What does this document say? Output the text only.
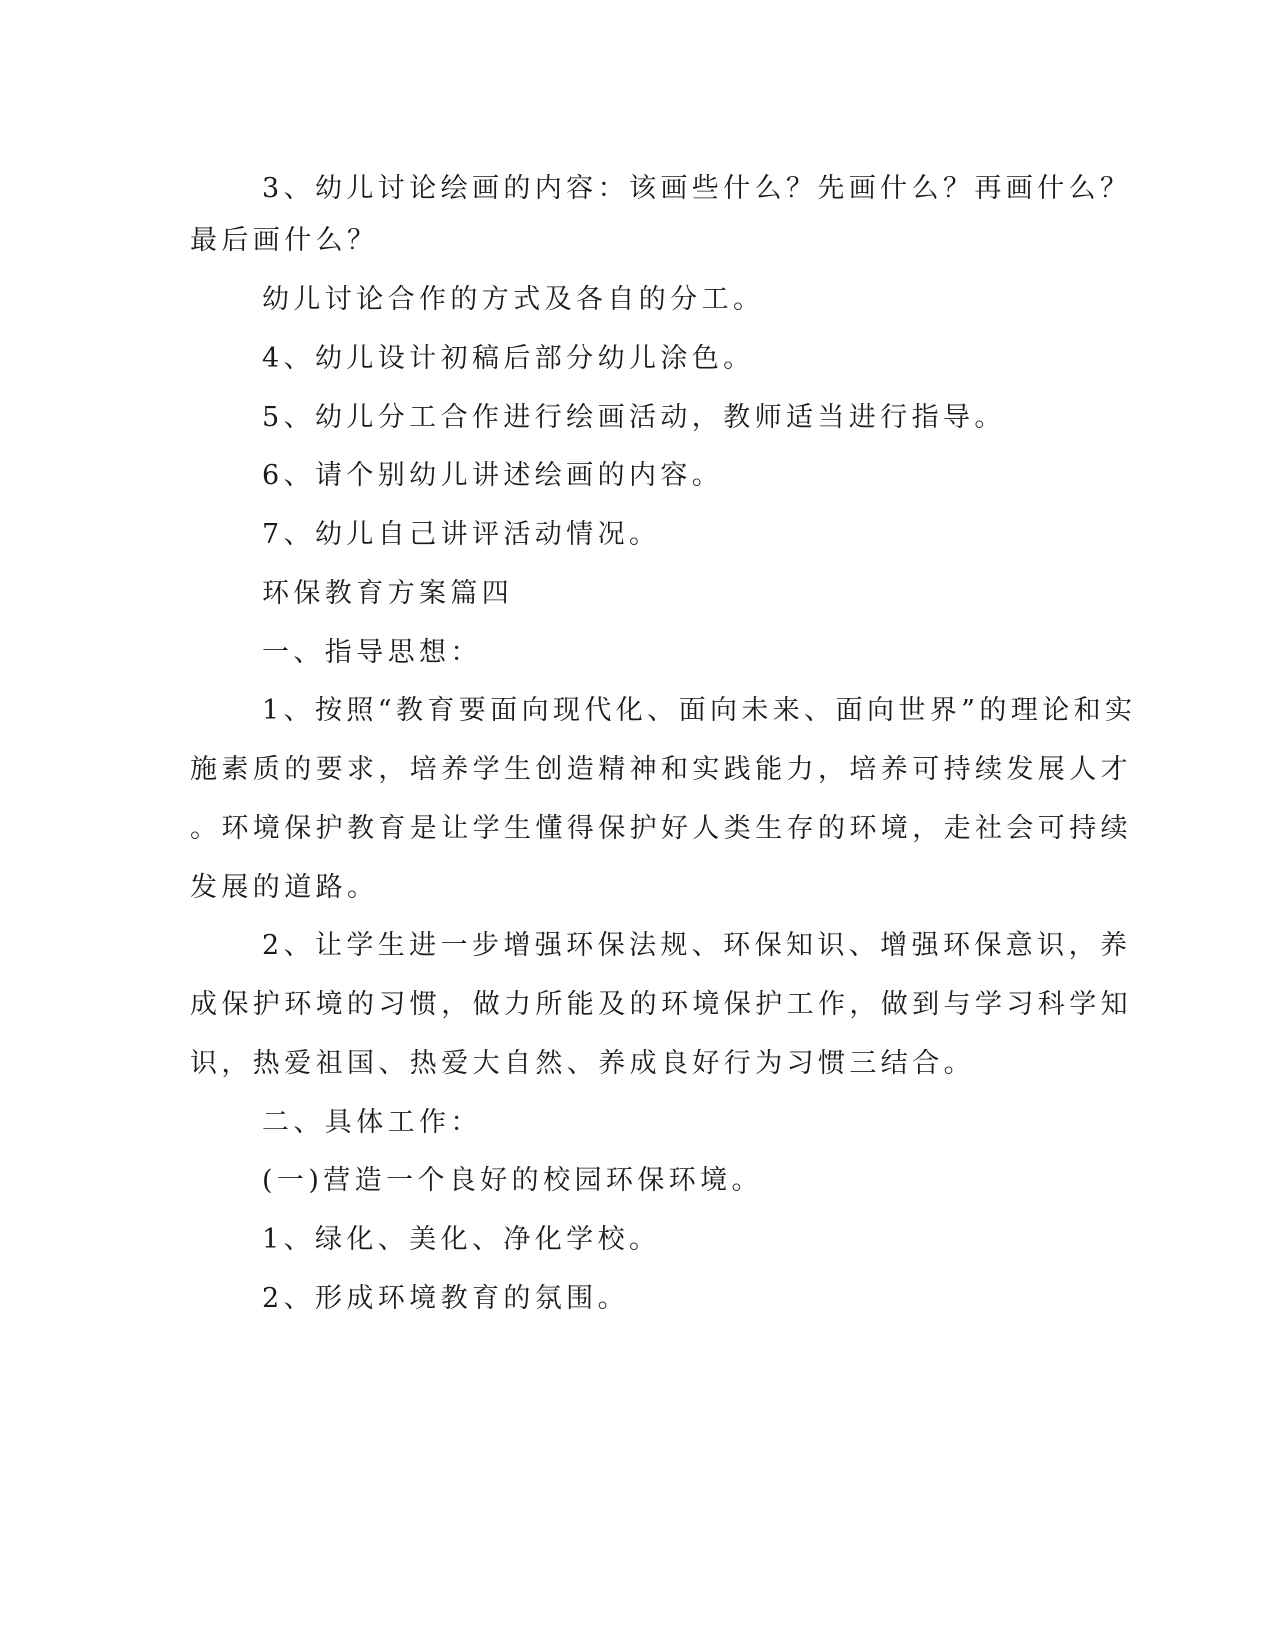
3、幼儿讨论绘画的内容：该画些什么？先画什么？再画什么？

最后画什么？

幼儿讨论合作的方式及各自的分工。

4、幼儿设计初稿后部分幼儿涂色。

5、幼儿分工合作进行绘画活动，教师适当进行指导。

6、请个别幼儿讲述绘画的内容。

7、幼儿自己讲评活动情况。

环保教育方案篇四

一、指导思想：

1、按照“教育要面向现代化、面向未来、面向世界”的理论和实

施素质的要求，培养学生创造精神和实践能力，培养可持续发展人才

。环境保护教育是让学生懂得保护好人类生存的环境，走社会可持续

发展的道路。

2、让学生进一步增强环保法规、环保知识、增强环保意识，养

成保护环境的习惯，做力所能及的环境保护工作，做到与学习科学知

识，热爱祖国、热爱大自然、养成良好行为习惯三结合。

二、具体工作：

(一)营造一个良好的校园环保环境。

1、绿化、美化、净化学校。

2、形成环境教育的氛围。
